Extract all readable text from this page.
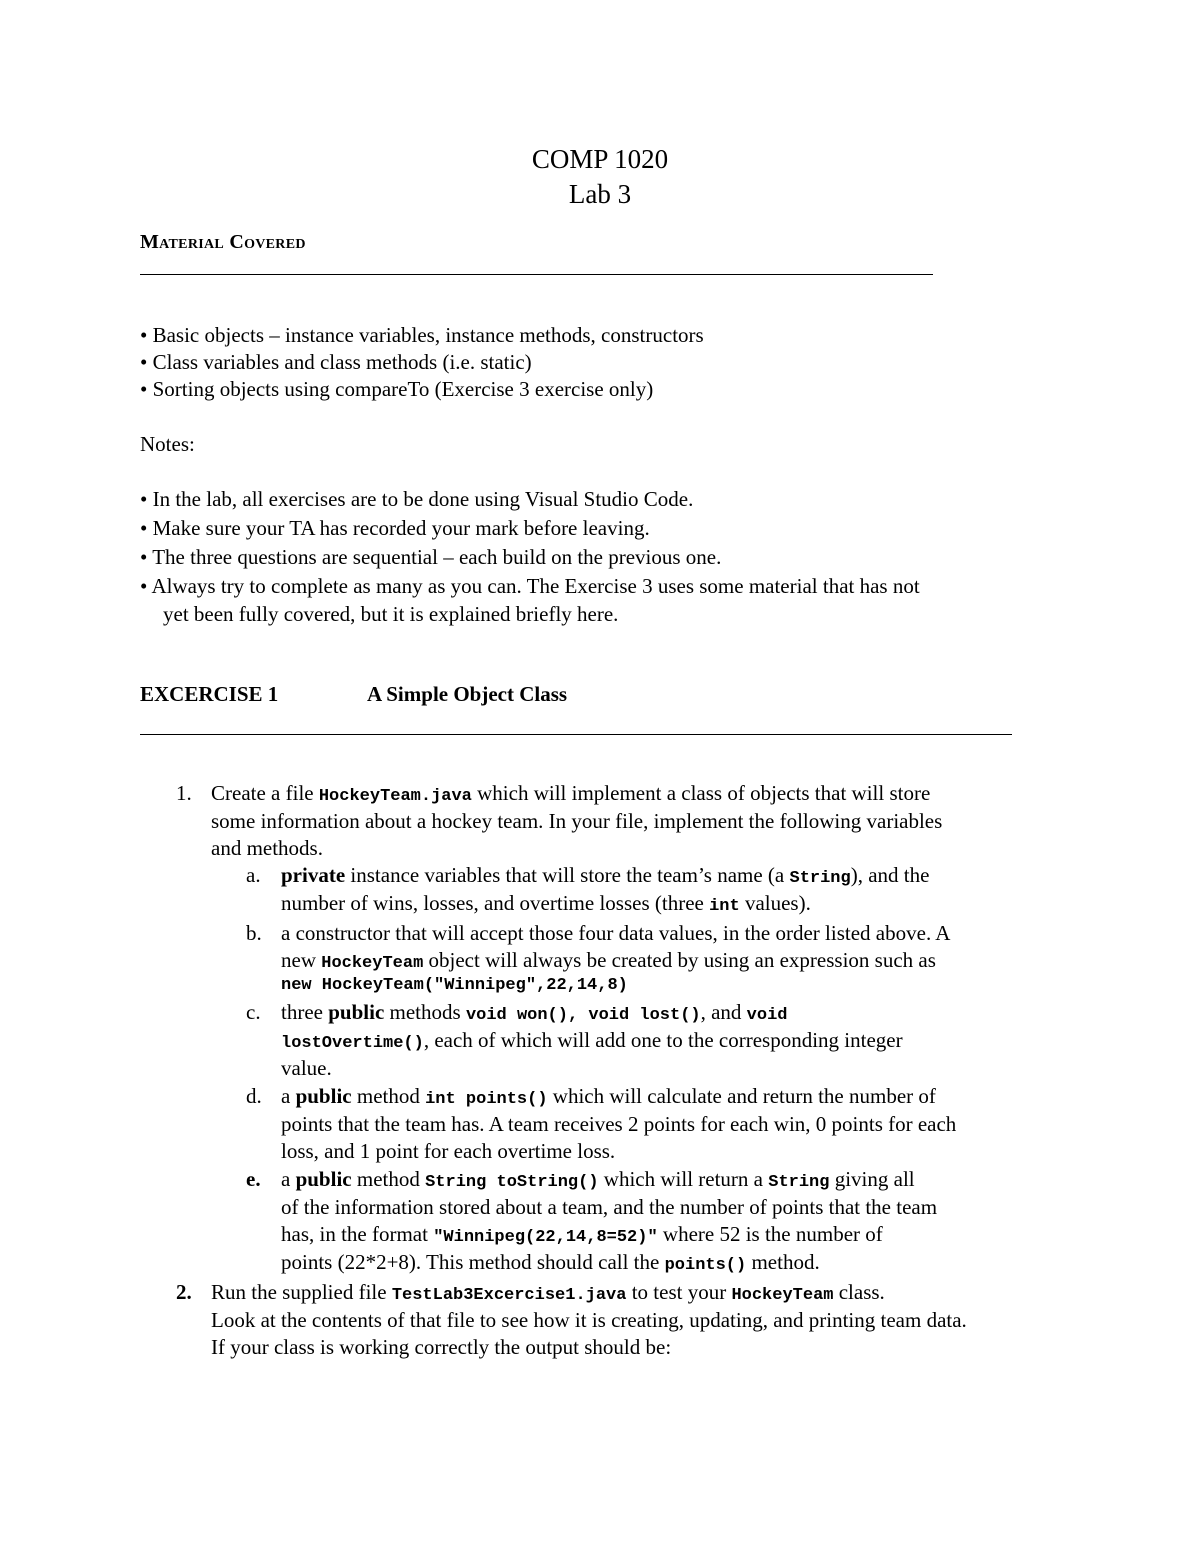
COMP 1020
Lab 3
Material Covered
• Basic objects – instance variables, instance methods, constructors
• Class variables and class methods (i.e. static)
• Sorting objects using compareTo (Exercise 3 exercise only)
Notes:
• In the lab, all exercises are to be done using Visual Studio Code.
• Make sure your TA has recorded your mark before leaving.
• The three questions are sequential – each build on the previous one.
• Always try to complete as many as you can. The Exercise 3 uses some material that has not
yet been fully covered, but it is explained briefly here.
EXCERCISE 1	A Simple Object Class
1. Create a file HockeyTeam.java which will implement a class of objects that will store
some information about a hockey team. In your file, implement the following variables
and methods.
a. private instance variables that will store the team’s name (a String), and the
number of wins, losses, and overtime losses (three int values).
b. a constructor that will accept those four data values, in the order listed above. A
new HockeyTeam object will always be created by using an expression such as
new HockeyTeam("Winnipeg",22,14,8)
c. three public methods void won(), void lost(), and void
lostOvertime(), each of which will add one to the corresponding integer
value.
d. a public method int points() which will calculate and return the number of
points that the team has. A team receives 2 points for each win, 0 points for each
loss, and 1 point for each overtime loss.
e. a public method String toString() which will return a String giving all
of the information stored about a team, and the number of points that the team
has, in the format "Winnipeg(22,14,8=52)" where 52 is the number of
points (22*2+8). This method should call the points() method.
2. Run the supplied file TestLab3Excercise1.java to test your HockeyTeam class.
Look at the contents of that file to see how it is creating, updating, and printing team data.
If your class is working correctly the output should be:
